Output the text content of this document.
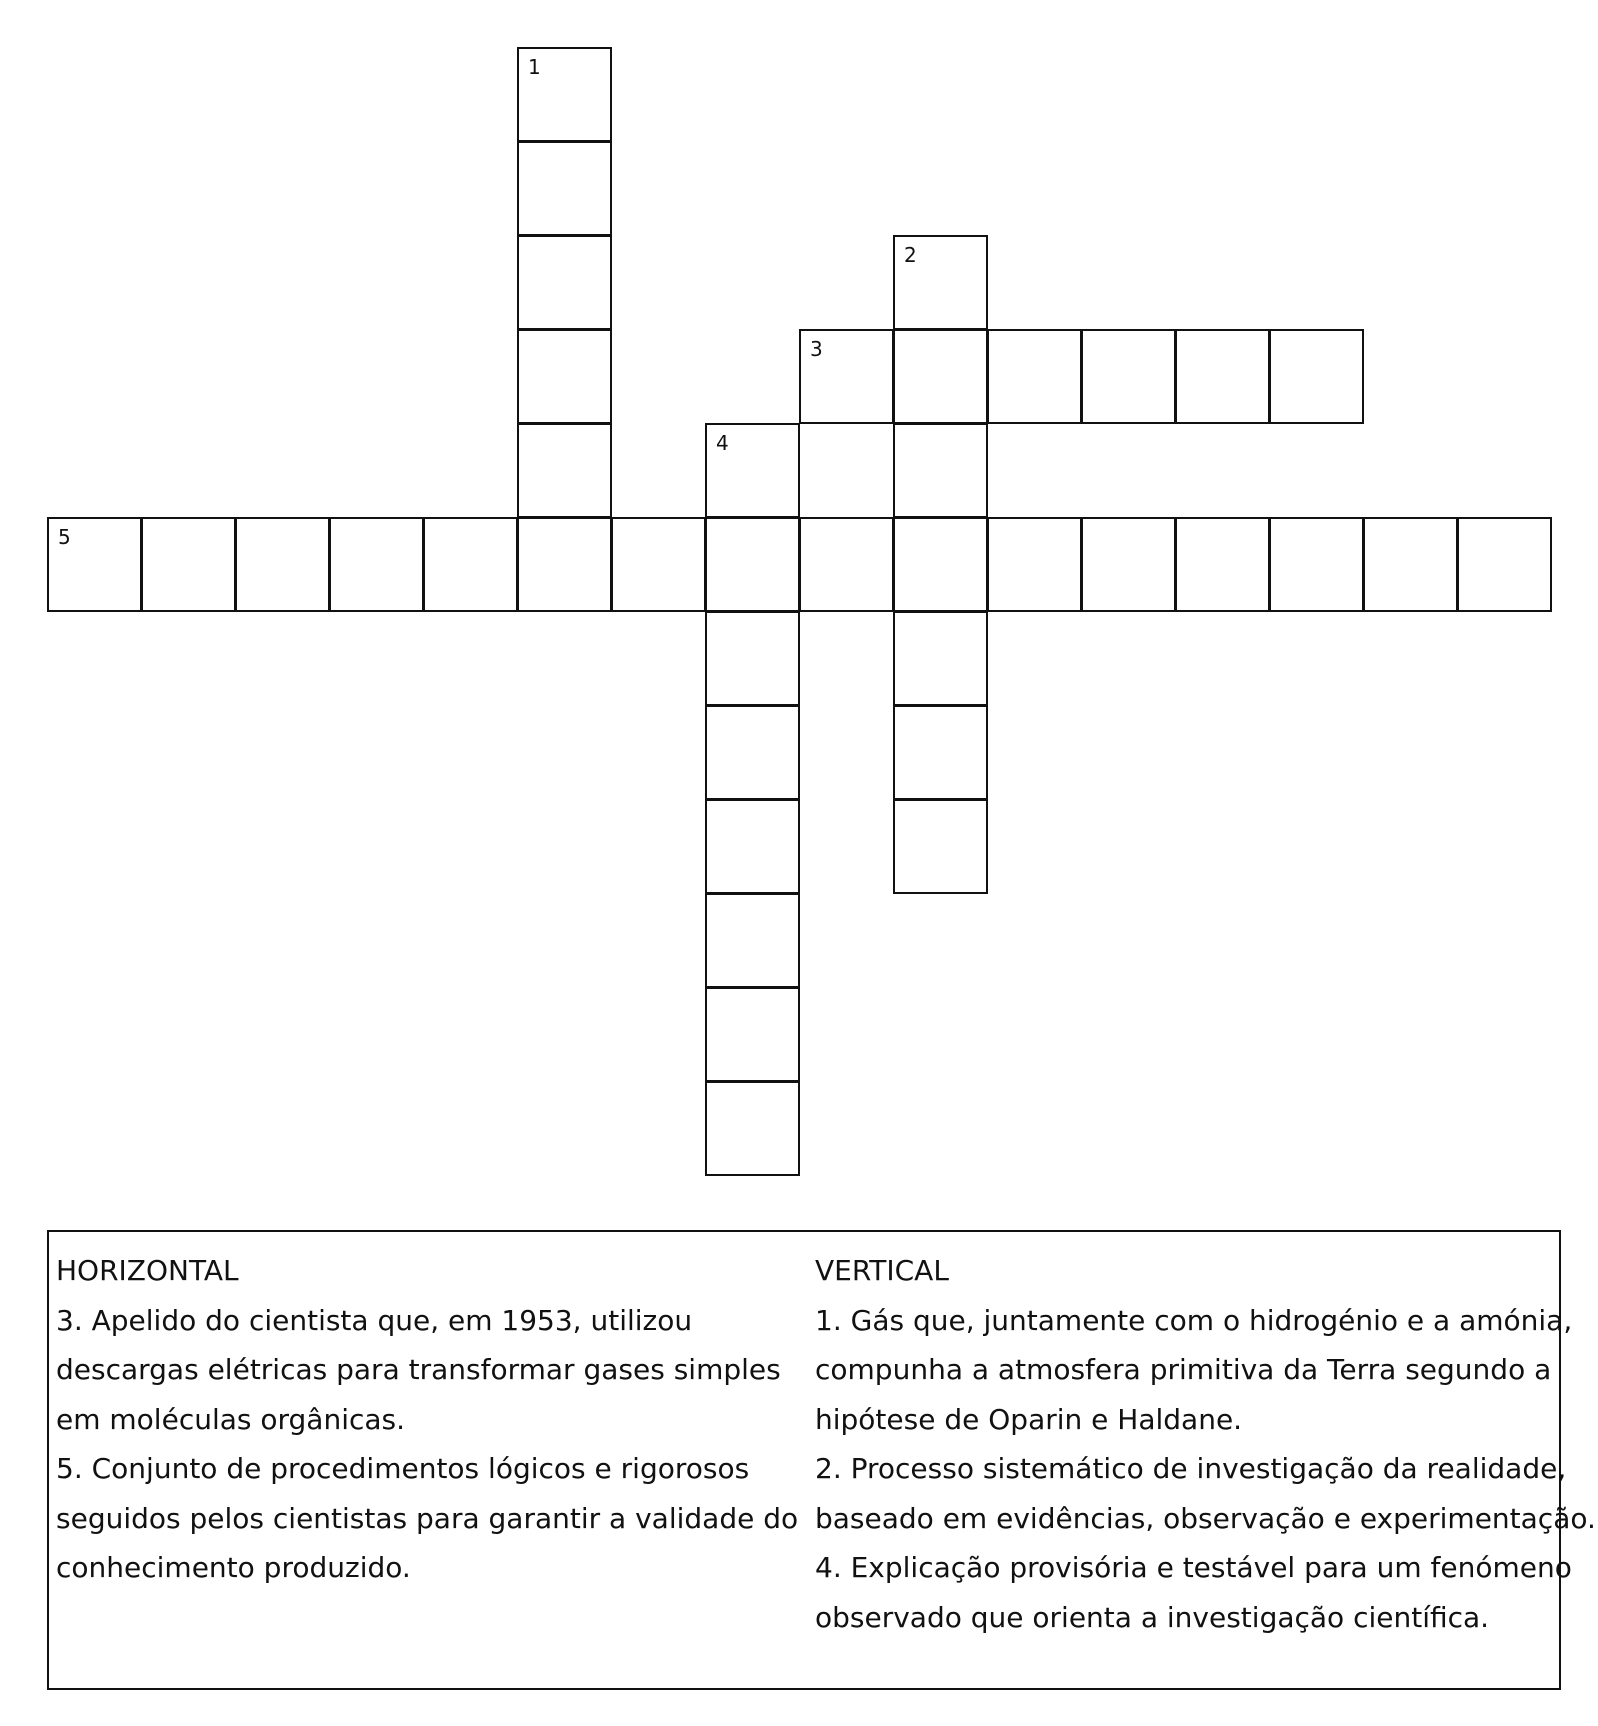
1
2
3
4
5
HORIZONTAL
3. Apelido do cientista que, em 1953, utilizou
descargas elétricas para transformar gases simples
em moléculas orgânicas.
5. Conjunto de procedimentos lógicos e rigorosos
seguidos pelos cientistas para garantir a validade do
conhecimento produzido.
VERTICAL
1. Gás que, juntamente com o hidrogénio e a amónia,
compunha a atmosfera primitiva da Terra segundo a
hipótese de Oparin e Haldane.
2. Processo sistemático de investigação da realidade,
baseado em evidências, observação e experimentação.
4. Explicação provisória e testável para um fenómeno
observado que orienta a investigação científica.
